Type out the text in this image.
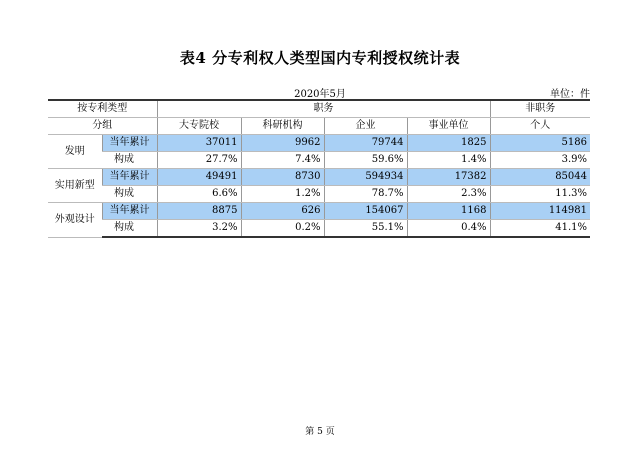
表4 分专利权人类型国内专利授权统计表
2020年5月	单位：件
按专利类型		职务				非职务
分组		大专院校	科研机构	企业	事业单位	个人
发明	当年累计	37011	9962	79744	1825	5186
	构成	27.7%	7.4%	59.6%	1.4%	3.9%
实用新型	当年累计	49491	8730	594934	17382	85044
	构成	6.6%	1.2%	78.7%	2.3%	11.3%
外观设计	当年累计	8875	626	154067	1168	114981
	构成	3.2%	0.2%	55.1%	0.4%	41.1%
第 5 页
